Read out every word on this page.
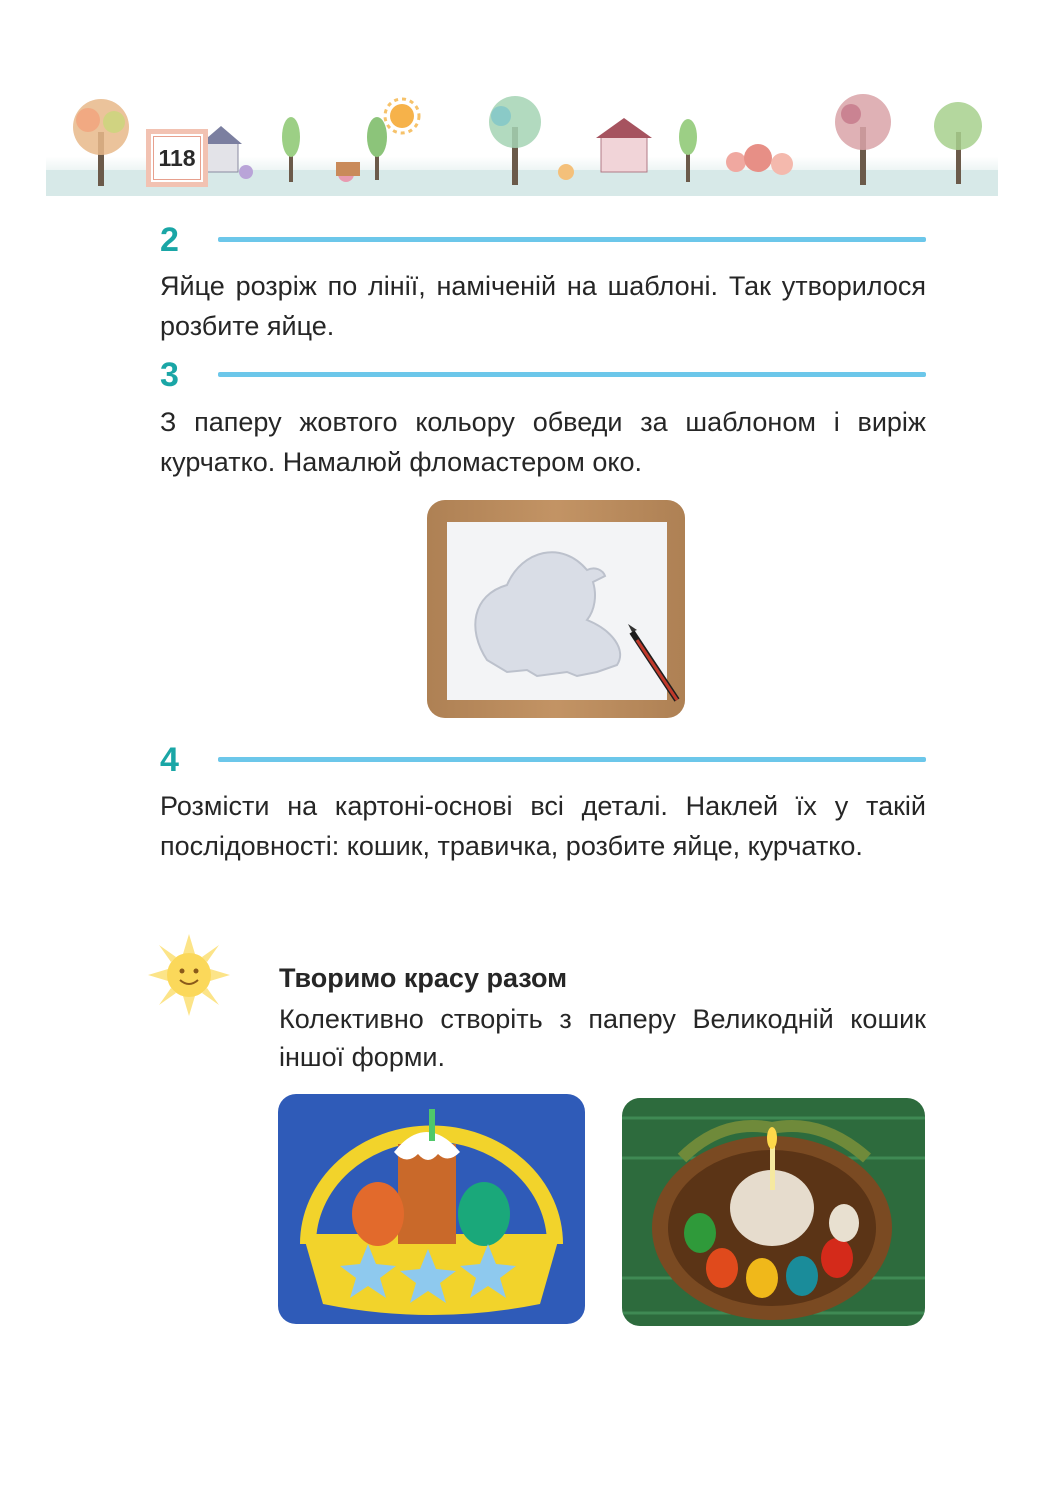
118
2

Яйце розріж по лінії, наміченій на шаблоні. Так утворилося розбите яйце.

3

З паперу жовтого кольору обведи за шаблоном і виріж курчатко. Намалюй фломастером око.

4

Розмісти на картоні-основі всі деталі. Наклей їх у такій послідовності: кошик, травичка, розбите яйце, курчатко.

Творимо красу разом

Колективно створіть з паперу Великодній кошик іншої форми.
